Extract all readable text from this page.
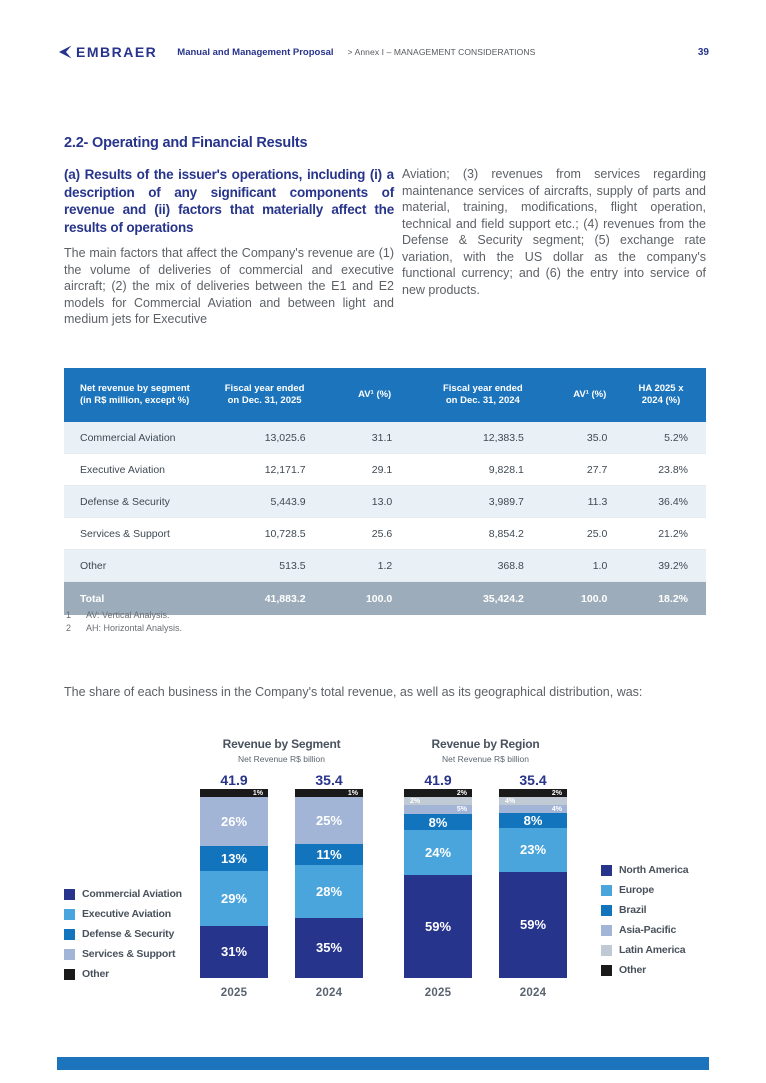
EMBRAER Manual and Management Proposal > Annex I – MANAGEMENT CONSIDERATIONS	39
2.2- Operating and Financial Results
(a) Results of the issuer's operations, including (i) a description of any significant components of revenue and (ii) factors that materially affect the results of operations
The main factors that affect the Company's revenue are (1) the volume of deliveries of commercial and executive aircraft; (2) the mix of deliveries between the E1 and E2 models for Commercial Aviation and between light and medium jets for Executive
Aviation; (3) revenues from services regarding maintenance services of aircrafts, supply of parts and material, training, modifications, flight operation, technical and field support etc.; (4) revenues from the Defense & Security segment; (5) exchange rate variation, with the US dollar as the company's functional currency; and (6) the entry into service of new products.
Net revenue by segment (in R$ million, except %)	Fiscal year ended on Dec. 31, 2025	AV¹ (%)	Fiscal year ended on Dec. 31, 2024	AV¹ (%)	HA 2025 x 2024 (%)
Commercial Aviation	13,025.6	31.1	12,383.5	35.0	5.2%
Executive Aviation	12,171.7	29.1	9,828.1	27.7	23.8%
Defense & Security	5,443.9	13.0	3,989.7	11.3	36.4%
Services & Support	10,728.5	25.6	8,854.2	25.0	21.2%
Other	513.5	1.2	368.8	1.0	39.2%
Total	41,883.2	100.0	35,424.2	100.0	18.2%
1 AV: Vertical Analysis.
2 AH: Horizontal Analysis.
The share of each business in the Company's total revenue, as well as its geographical distribution, was:
Revenue by Segment
Net Revenue R$ billion
41.9
31%
29%
13%
26%
1%
2025
35.4
35%
28%
11%
25%
1%
2024
Revenue by Region
Net Revenue R$ billion
41.9
59%
24%
8%
5%
2%
2%
2025
35.4
59%
23%
8%
4%
4%
2%
2024
Commercial Aviation
Executive Aviation
Defense & Security
Services & Support
Other
North America
Europe
Brazil
Asia-Pacific
Latin America
Other
